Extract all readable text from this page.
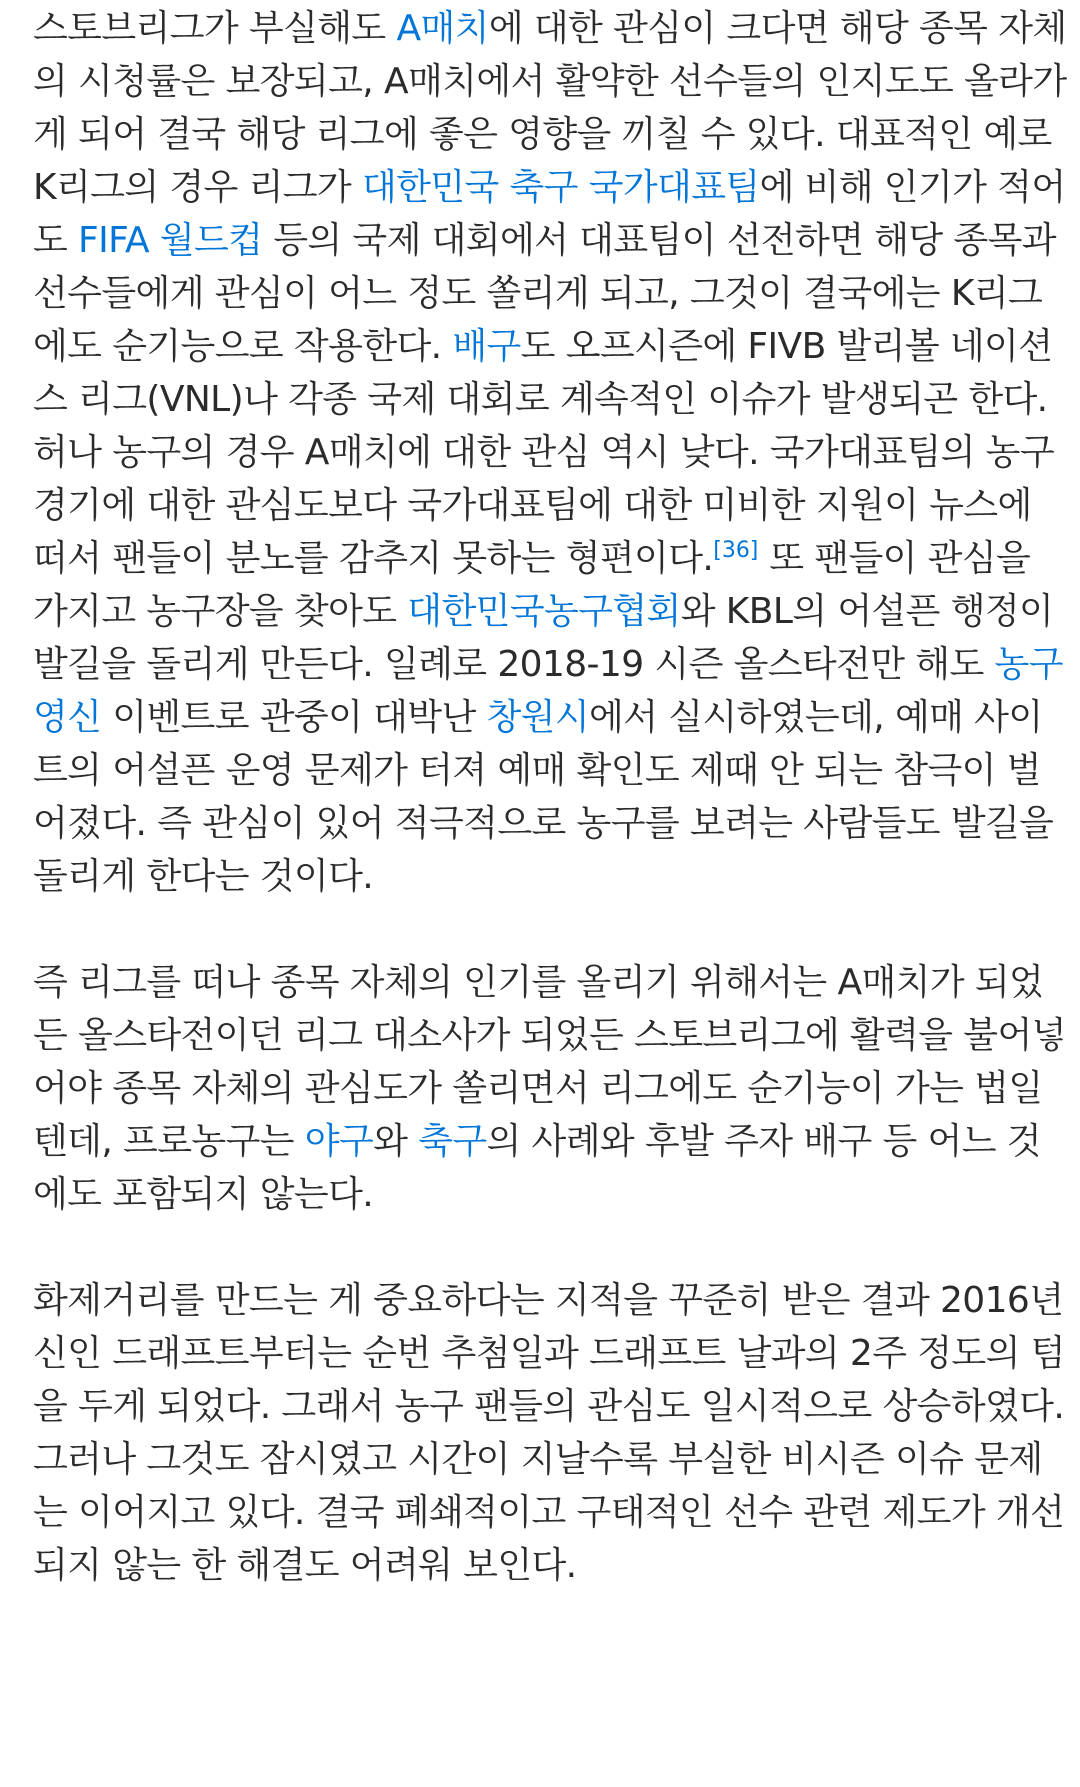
스토브리그가 부실해도 A매치에 대한 관심이 크다면 해당 종목 자체
의 시청률은 보장되고, A매치에서 활약한 선수들의 인지도도 올라가
게 되어 결국 해당 리그에 좋은 영향을 끼칠 수 있다. 대표적인 예로
K리그의 경우 리그가 대한민국 축구 국가대표팀에 비해 인기가 적어
도 FIFA 월드컵 등의 국제 대회에서 대표팀이 선전하면 해당 종목과
선수들에게 관심이 어느 정도 쏠리게 되고, 그것이 결국에는 K리그
에도 순기능으로 작용한다. 배구도 오프시즌에 FIVB 발리볼 네이션
스 리그(VNL)나 각종 국제 대회로 계속적인 이슈가 발생되곤 한다.
허나 농구의 경우 A매치에 대한 관심 역시 낮다. 국가대표팀의 농구
경기에 대한 관심도보다 국가대표팀에 대한 미비한 지원이 뉴스에
떠서 팬들이 분노를 감추지 못하는 형편이다.[36] 또 팬들이 관심을
가지고 농구장을 찾아도 대한민국농구협회와 KBL의 어설픈 행정이
발길을 돌리게 만든다. 일례로 2018-19 시즌 올스타전만 해도 농구
영신 이벤트로 관중이 대박난 창원시에서 실시하였는데, 예매 사이
트의 어설픈 운영 문제가 터져 예매 확인도 제때 안 되는 참극이 벌
어졌다. 즉 관심이 있어 적극적으로 농구를 보려는 사람들도 발길을
돌리게 한다는 것이다.
즉 리그를 떠나 종목 자체의 인기를 올리기 위해서는 A매치가 되었
든 올스타전이던 리그 대소사가 되었든 스토브리그에 활력을 불어넣
어야 종목 자체의 관심도가 쏠리면서 리그에도 순기능이 가는 법일
텐데, 프로농구는 야구와 축구의 사례와 후발 주자 배구 등 어느 것
에도 포함되지 않는다.
화제거리를 만드는 게 중요하다는 지적을 꾸준히 받은 결과 2016년
신인 드래프트부터는 순번 추첨일과 드래프트 날과의 2주 정도의 텀
을 두게 되었다. 그래서 농구 팬들의 관심도 일시적으로 상승하였다.
그러나 그것도 잠시였고 시간이 지날수록 부실한 비시즌 이슈 문제
는 이어지고 있다. 결국 폐쇄적이고 구태적인 선수 관련 제도가 개선
되지 않는 한 해결도 어려워 보인다.
